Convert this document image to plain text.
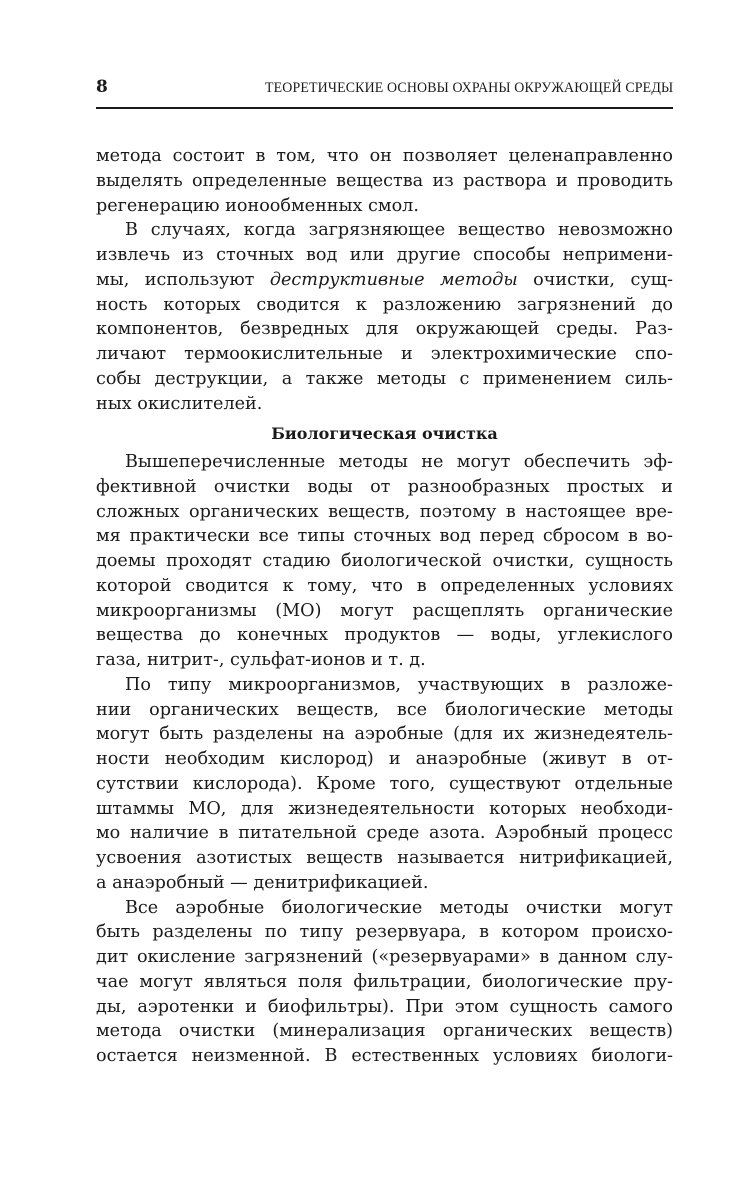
8	ТЕОРЕТИЧЕСКИЕ ОСНОВЫ ОХРАНЫ ОКРУЖАЮЩЕЙ СРЕДЫ
метода состоит в том, что он позволяет целенаправленно
выделять определенные вещества из раствора и проводить
регенерацию ионообменных смол.
В случаях, когда загрязняющее вещество невозможно
извлечь из сточных вод или другие способы непримени-
мы, используют деструктивные методы очистки, сущ-
ность которых сводится к разложению загрязнений до
компонентов, безвредных для окружающей среды. Раз-
личают термоокислительные и электрохимические спо-
собы деструкции, а также методы с применением силь-
ных окислителей.
Биологическая очистка
Вышеперечисленные методы не могут обеспечить эф-
фективной очистки воды от разнообразных простых и
сложных органических веществ, поэтому в настоящее вре-
мя практически все типы сточных вод перед сбросом в во-
доемы проходят стадию биологической очистки, сущность
которой сводится к тому, что в определенных условиях
микроорганизмы (МО) могут расщеплять органические
вещества до конечных продуктов — воды, углекислого
газа, нитрит-, сульфат-ионов и т. д.
По типу микроорганизмов, участвующих в разложе-
нии органических веществ, все биологические методы
могут быть разделены на аэробные (для их жизнедеятель-
ности необходим кислород) и анаэробные (живут в от-
сутствии кислорода). Кроме того, существуют отдельные
штаммы МО, для жизнедеятельности которых необходи-
мо наличие в питательной среде азота. Аэробный процесс
усвоения азотистых веществ называется нитрификацией,
а анаэробный — денитрификацией.
Все аэробные биологические методы очистки могут
быть разделены по типу резервуара, в котором происхо-
дит окисление загрязнений («резервуарами» в данном слу-
чае могут являться поля фильтрации, биологические пру-
ды, аэротенки и биофильтры). При этом сущность самого
метода очистки (минерализация органических веществ)
остается неизменной. В естественных условиях биологи-
